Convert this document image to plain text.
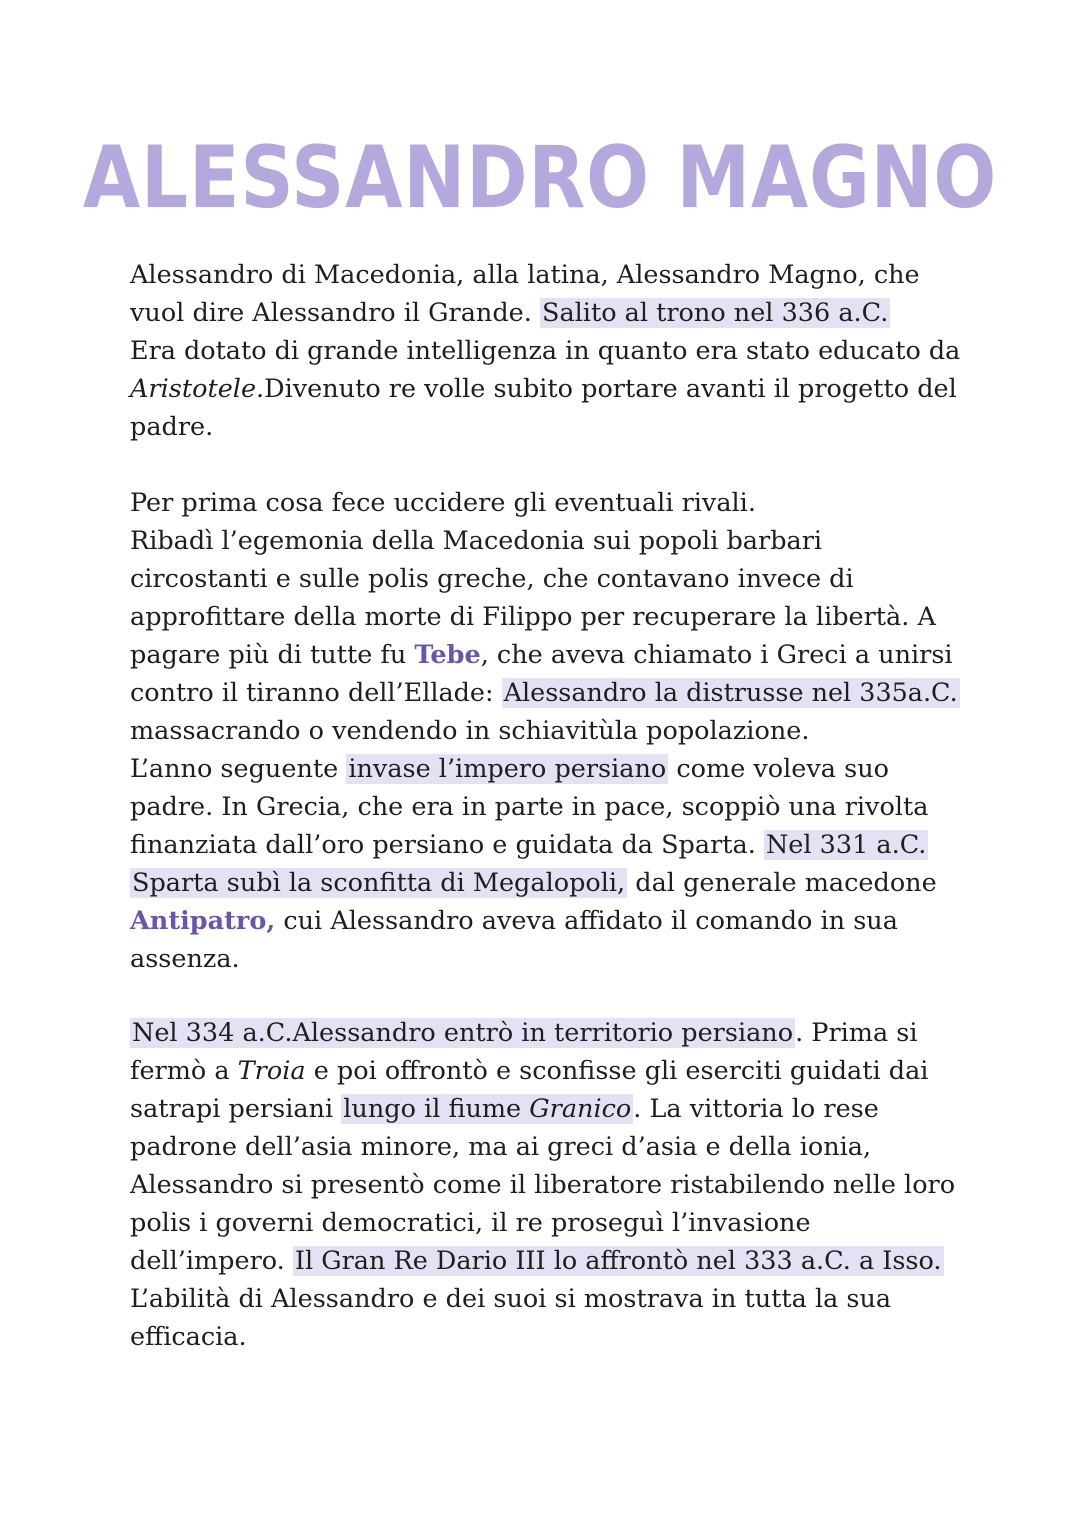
ALESSANDRO MAGNO
Alessandro di Macedonia, alla latina, Alessandro Magno, che
vuol dire Alessandro il Grande. Salito al trono nel 336 a.C.
Era dotato di grande intelligenza in quanto era stato educato da
Aristotele.Divenuto re volle subito portare avanti il progetto del
padre.
Per prima cosa fece uccidere gli eventuali rivali.
Ribadì l’egemonia della Macedonia sui popoli barbari
circostanti e sulle polis greche, che contavano invece di
approfittare della morte di Filippo per recuperare la libertà. A
pagare più di tutte fu Tebe, che aveva chiamato i Greci a unirsi
contro il tiranno dell’Ellade: Alessandro la distrusse nel 335a.C.
massacrando o vendendo in schiavitùla popolazione.
L’anno seguente invase l’impero persiano come voleva suo
padre. In Grecia, che era in parte in pace, scoppiò una rivolta
finanziata dall’oro persiano e guidata da Sparta. Nel 331 a.C.
Sparta subì la sconfitta di Megalopoli, dal generale macedone
Antipatro, cui Alessandro aveva affidato il comando in sua
assenza.
Nel 334 a.C.Alessandro entrò in territorio persiano. Prima si
fermò a Troia e poi offrontò e sconfisse gli eserciti guidati dai
satrapi persiani lungo il fiume Granico. La vittoria lo rese
padrone dell’asia minore, ma ai greci d’asia e della ionia,
Alessandro si presentò come il liberatore ristabilendo nelle loro
polis i governi democratici, il re proseguì l’invasione
dell’impero. Il Gran Re Dario III lo affrontò nel 333 a.C. a Isso.
L’abilità di Alessandro e dei suoi si mostrava in tutta la sua
efficacia.
